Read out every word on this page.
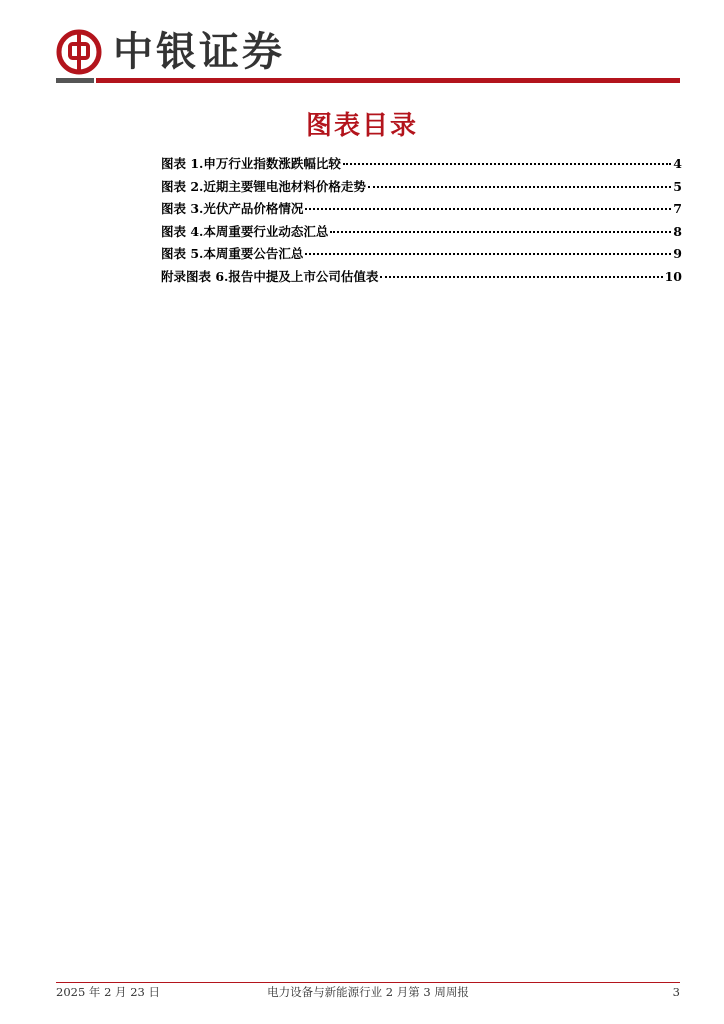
中银证券
图表目录
图表 1.申万行业指数涨跌幅比较	4
图表 2.近期主要锂电池材料价格走势	5
图表 3.光伏产品价格情况	7
图表 4.本周重要行业动态汇总	8
图表 5.本周重要公告汇总	9
附录图表 6.报告中提及上市公司估值表	10
2025 年 2 月 23 日	电力设备与新能源行业 2 月第 3 周周报	3
